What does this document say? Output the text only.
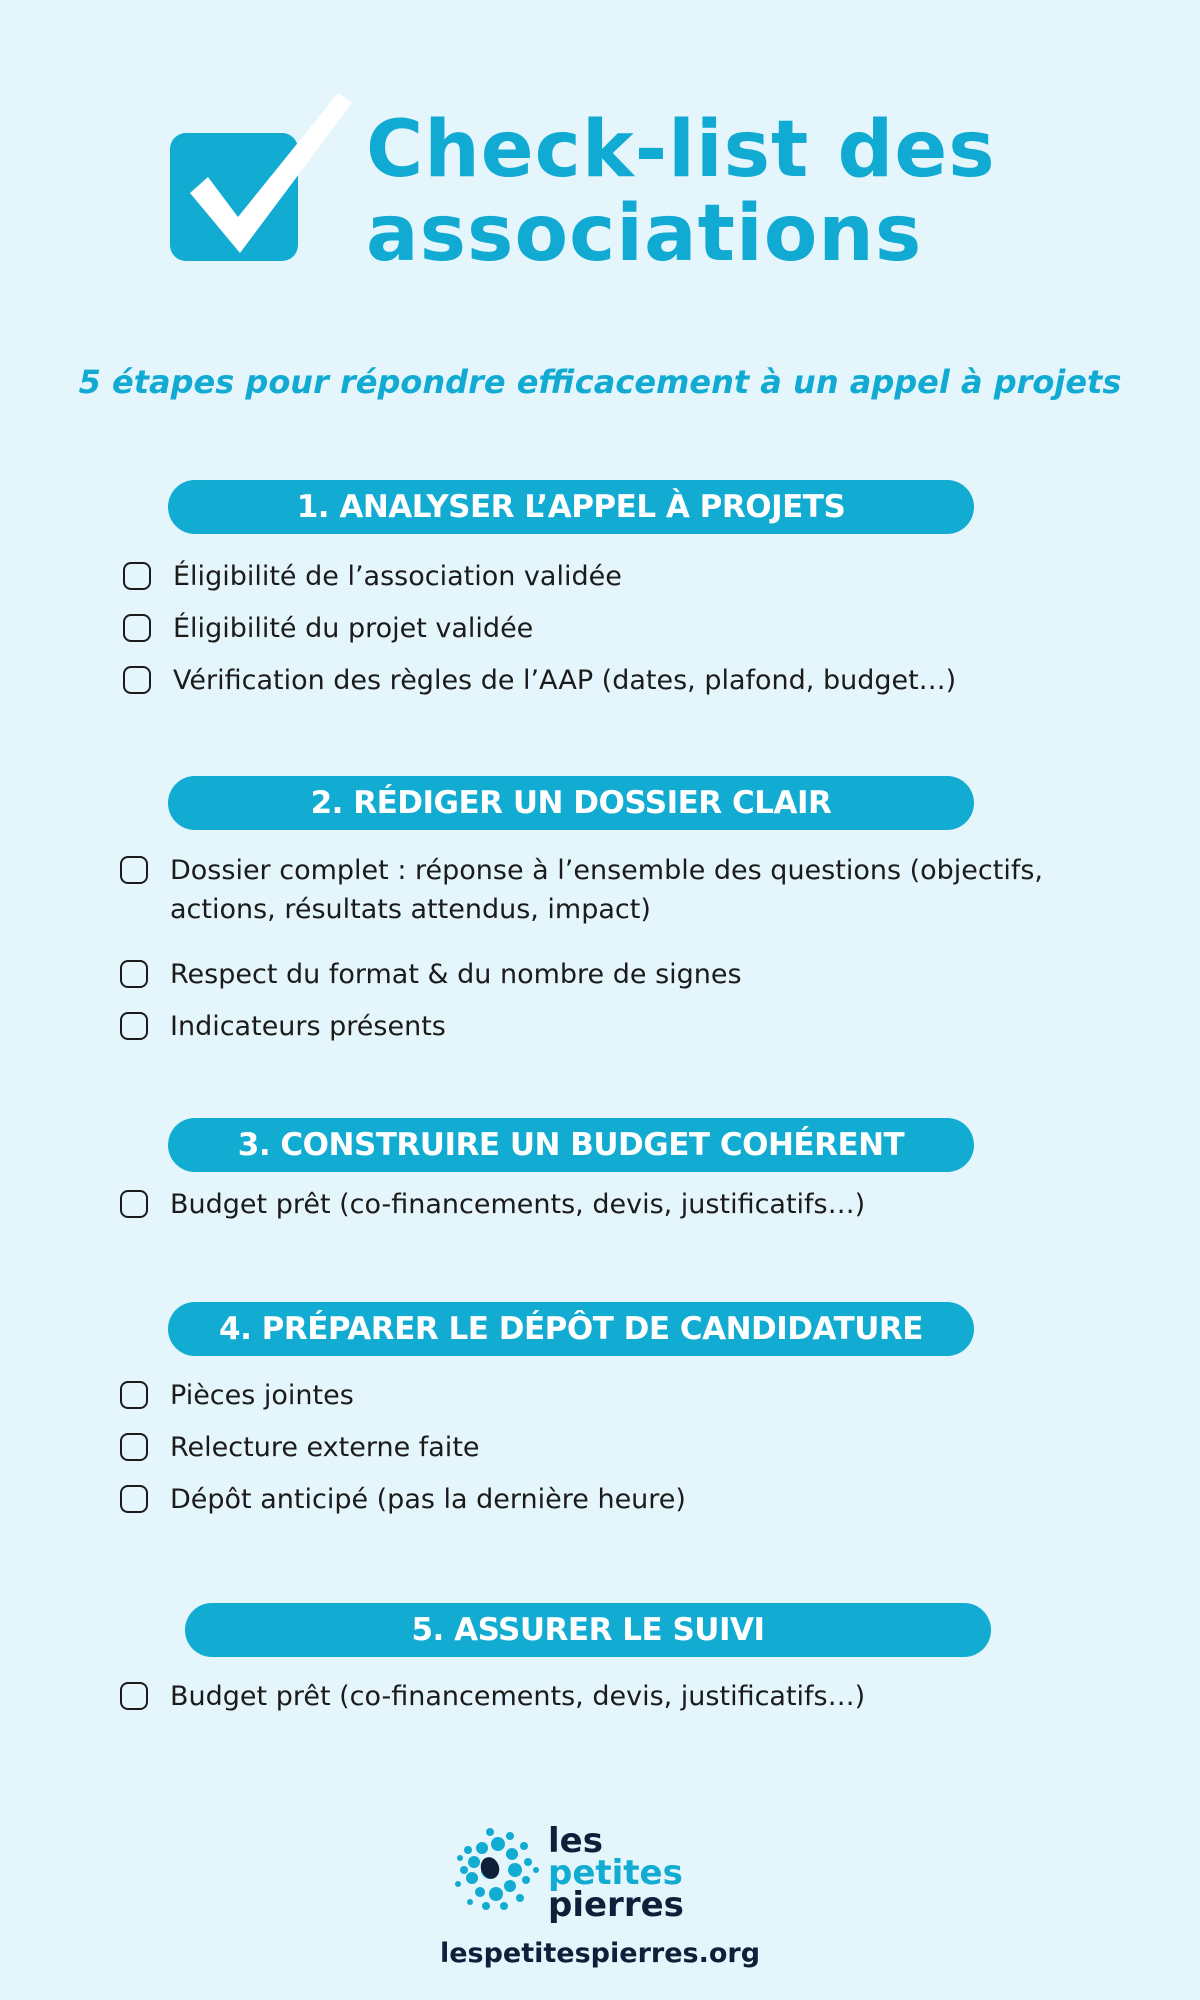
Check-list des
associations

5 étapes pour répondre efficacement à un appel à projets

1. ANALYSER L’APPEL À PROJETS
Éligibilité de l’association validée
Éligibilité du projet validée
Vérification des règles de l’AAP (dates, plafond, budget…)
2. RÉDIGER UN DOSSIER CLAIR
Dossier complet : réponse à l’ensemble des questions (objectifs, actions, résultats attendus, impact)
Respect du format & du nombre de signes
Indicateurs présents
3. CONSTRUIRE UN BUDGET COHÉRENT
Budget prêt (co-financements, devis, justificatifs…)
4. PRÉPARER LE DÉPÔT DE CANDIDATURE
Pièces jointes
Relecture externe faite
Dépôt anticipé (pas la dernière heure)
5. ASSURER LE SUIVI
Budget prêt (co-financements, devis, justificatifs…)
les
petites
pierres
lespetitespierres.org
